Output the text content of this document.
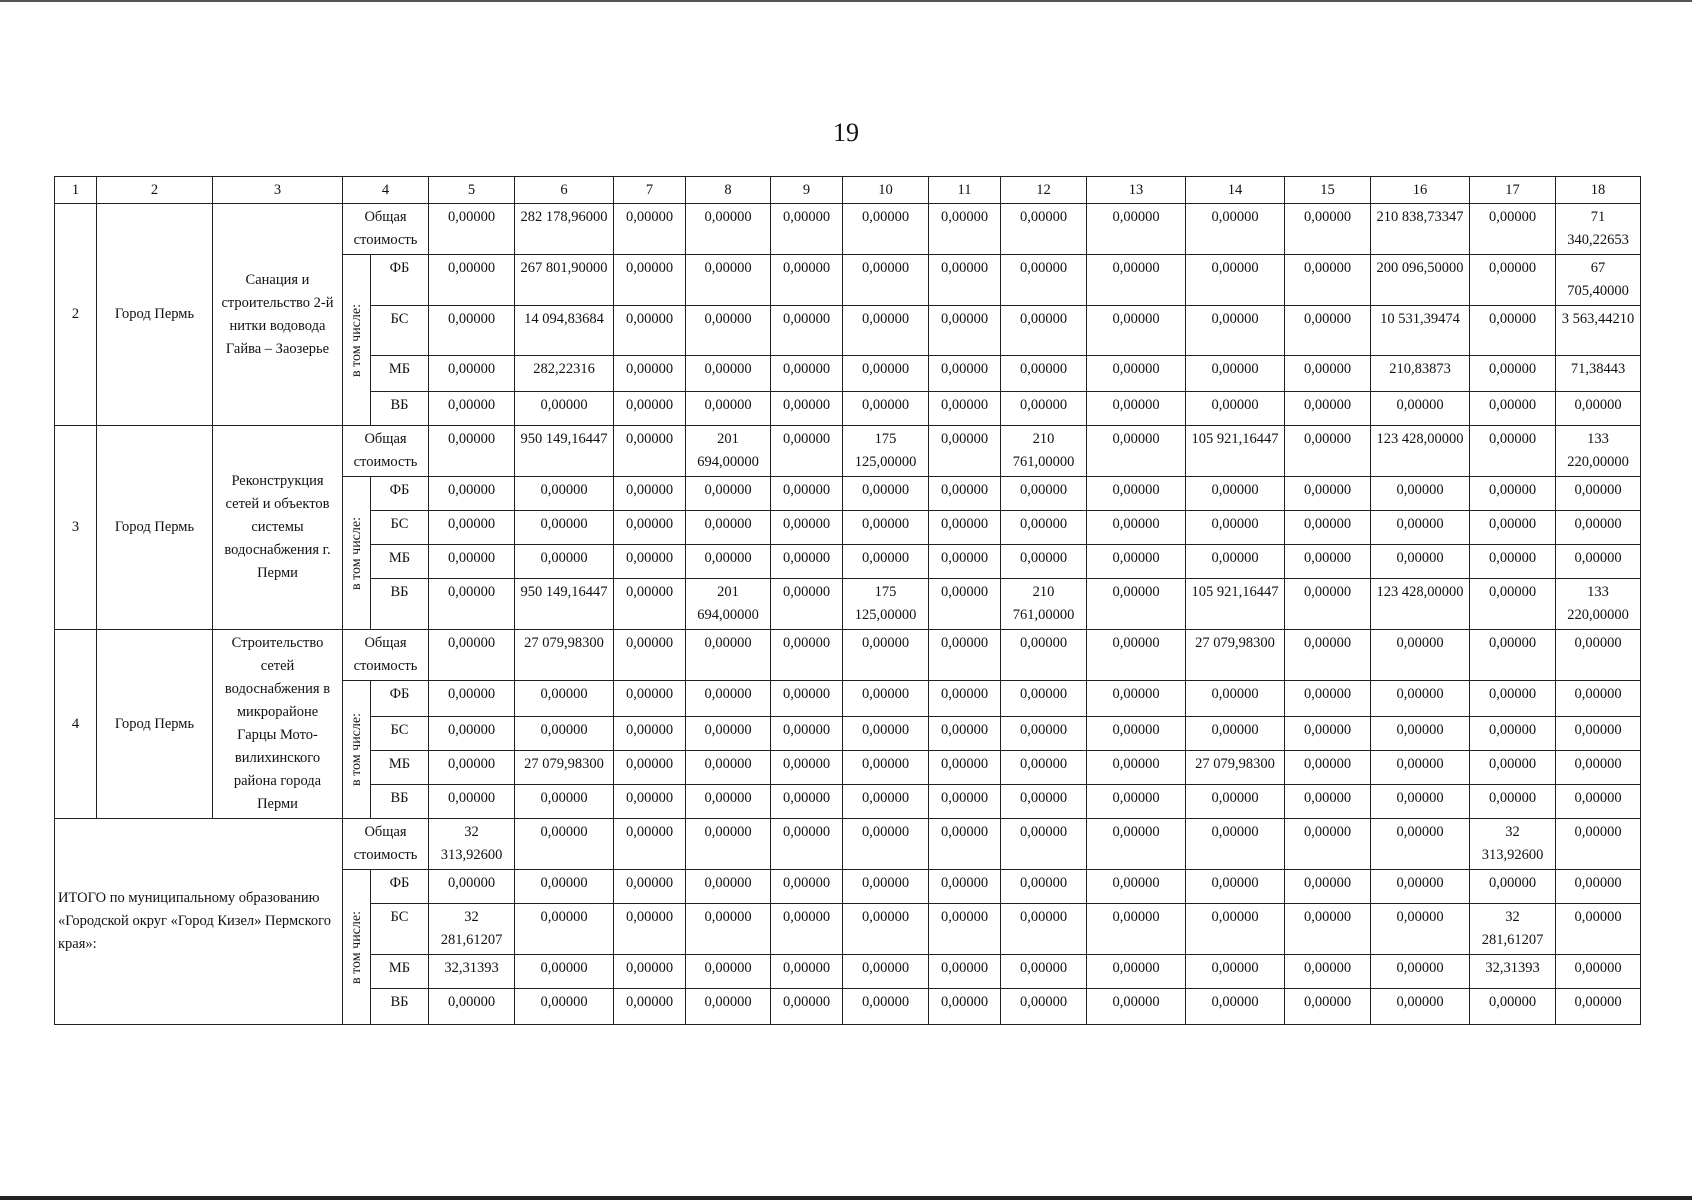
19
1	2	3	4		5	6	7	8	9	10	11	12	13	14	15	16	17	18
2	Город Пермь	Санация и строительство 2-й нитки водовода Гайва – Заозерье	Общая стоимость		0,00000	282 178,96000	0,00000	0,00000	0,00000	0,00000	0,00000	0,00000	0,00000	0,00000	0,00000	210 838,73347	0,00000	71 340,22653

			в том числе:	ФБ	0,00000	267 801,90000	0,00000	0,00000	0,00000	0,00000	0,00000	0,00000	0,00000	0,00000	0,00000	200 096,50000	0,00000	67 705,40000
				БС	0,00000	14 094,83684	0,00000	0,00000	0,00000	0,00000	0,00000	0,00000	0,00000	0,00000	0,00000	10 531,39474	0,00000	3 563,44210
				МБ	0,00000	282,22316	0,00000	0,00000	0,00000	0,00000	0,00000	0,00000	0,00000	0,00000	0,00000	210,83873	0,00000	71,38443
				ВБ	0,00000	0,00000	0,00000	0,00000	0,00000	0,00000	0,00000	0,00000	0,00000	0,00000	0,00000	0,00000	0,00000	0,00000
3	Город Пермь	Реконструкция сетей и объектов системы водоснабжения г. Перми	Общая стоимость		0,00000	950 149,16447	0,00000	201 694,00000	0,00000	175 125,00000	0,00000	210 761,00000	0,00000	105 921,16447	0,00000	123 428,00000	0,00000	133 220,00000

			в том числе:	ФБ	0,00000	0,00000	0,00000	0,00000	0,00000	0,00000	0,00000	0,00000	0,00000	0,00000	0,00000	0,00000	0,00000	0,00000
				БС	0,00000	0,00000	0,00000	0,00000	0,00000	0,00000	0,00000	0,00000	0,00000	0,00000	0,00000	0,00000	0,00000	0,00000
				МБ	0,00000	0,00000	0,00000	0,00000	0,00000	0,00000	0,00000	0,00000	0,00000	0,00000	0,00000	0,00000	0,00000	0,00000
				ВБ	0,00000	950 149,16447	0,00000	201 694,00000	0,00000	175 125,00000	0,00000	210 761,00000	0,00000	105 921,16447	0,00000	123 428,00000	0,00000	133 220,00000
4	Город Пермь	Строительство сетей водоснабжения в микрорайоне Гарцы Мото-вилихинского района города Перми	Общая стоимость		0,00000	27 079,98300	0,00000	0,00000	0,00000	0,00000	0,00000	0,00000	0,00000	27 079,98300	0,00000	0,00000	0,00000	0,00000

			в том числе:	ФБ	0,00000	0,00000	0,00000	0,00000	0,00000	0,00000	0,00000	0,00000	0,00000	0,00000	0,00000	0,00000	0,00000	0,00000
				БС	0,00000	0,00000	0,00000	0,00000	0,00000	0,00000	0,00000	0,00000	0,00000	0,00000	0,00000	0,00000	0,00000	0,00000
				МБ	0,00000	27 079,98300	0,00000	0,00000	0,00000	0,00000	0,00000	0,00000	0,00000	27 079,98300	0,00000	0,00000	0,00000	0,00000
				ВБ	0,00000	0,00000	0,00000	0,00000	0,00000	0,00000	0,00000	0,00000	0,00000	0,00000	0,00000	0,00000	0,00000	0,00000
ИТОГО по муниципальному образованию «Городской округ «Город Кизел» Пермского края»:			Общая стоимость		32 313,92600	0,00000	0,00000	0,00000	0,00000	0,00000	0,00000	0,00000	0,00000	0,00000	0,00000	0,00000	32 313,92600	0,00000

			в том числе:	ФБ	0,00000	0,00000	0,00000	0,00000	0,00000	0,00000	0,00000	0,00000	0,00000	0,00000	0,00000	0,00000	0,00000	0,00000
				БС	32 281,61207	0,00000	0,00000	0,00000	0,00000	0,00000	0,00000	0,00000	0,00000	0,00000	0,00000	0,00000	32 281,61207	0,00000
				МБ	32,31393	0,00000	0,00000	0,00000	0,00000	0,00000	0,00000	0,00000	0,00000	0,00000	0,00000	0,00000	32,31393	0,00000
				ВБ	0,00000	0,00000	0,00000	0,00000	0,00000	0,00000	0,00000	0,00000	0,00000	0,00000	0,00000	0,00000	0,00000	0,00000
